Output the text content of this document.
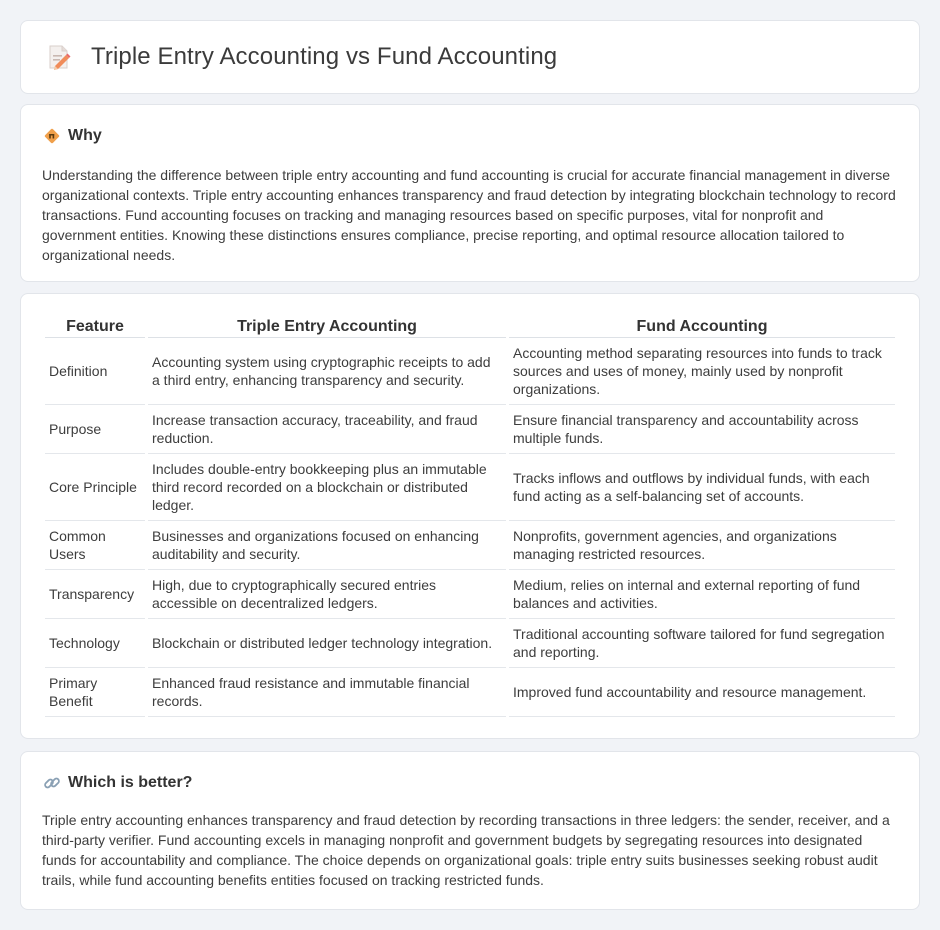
Triple Entry Accounting vs Fund Accounting
Why

Understanding the difference between triple entry accounting and fund accounting is crucial for accurate financial management in diverse organizational contexts. Triple entry accounting enhances transparency and fraud detection by integrating blockchain technology to record transactions. Fund accounting focuses on tracking and managing resources based on specific purposes, vital for nonprofit and government entities. Knowing these distinctions ensures compliance, precise reporting, and optimal resource allocation tailored to organizational needs.

Feature	Triple Entry Accounting	Fund Accounting
Definition	Accounting system using cryptographic receipts to add a third entry, enhancing transparency and security.	Accounting method separating resources into funds to track sources and uses of money, mainly used by nonprofit organizations.
Purpose	Increase transaction accuracy, traceability, and fraud reduction.	Ensure financial transparency and accountability across multiple funds.
Core Principle	Includes double-entry bookkeeping plus an immutable third record recorded on a blockchain or distributed ledger.	Tracks inflows and outflows by individual funds, with each fund acting as a self-balancing set of accounts.
Common Users	Businesses and organizations focused on enhancing auditability and security.	Nonprofits, government agencies, and organizations managing restricted resources.
Transparency	High, due to cryptographically secured entries accessible on decentralized ledgers.	Medium, relies on internal and external reporting of fund balances and activities.
Technology	Blockchain or distributed ledger technology integration.	Traditional accounting software tailored for fund segregation and reporting.
Primary Benefit	Enhanced fraud resistance and immutable financial records.	Improved fund accountability and resource management.
Which is better?

Triple entry accounting enhances transparency and fraud detection by recording transactions in three ledgers: the sender, receiver, and a third-party verifier. Fund accounting excels in managing nonprofit and government budgets by segregating resources into designated funds for accountability and compliance. The choice depends on organizational goals: triple entry suits businesses seeking robust audit trails, while fund accounting benefits entities focused on tracking restricted funds.
